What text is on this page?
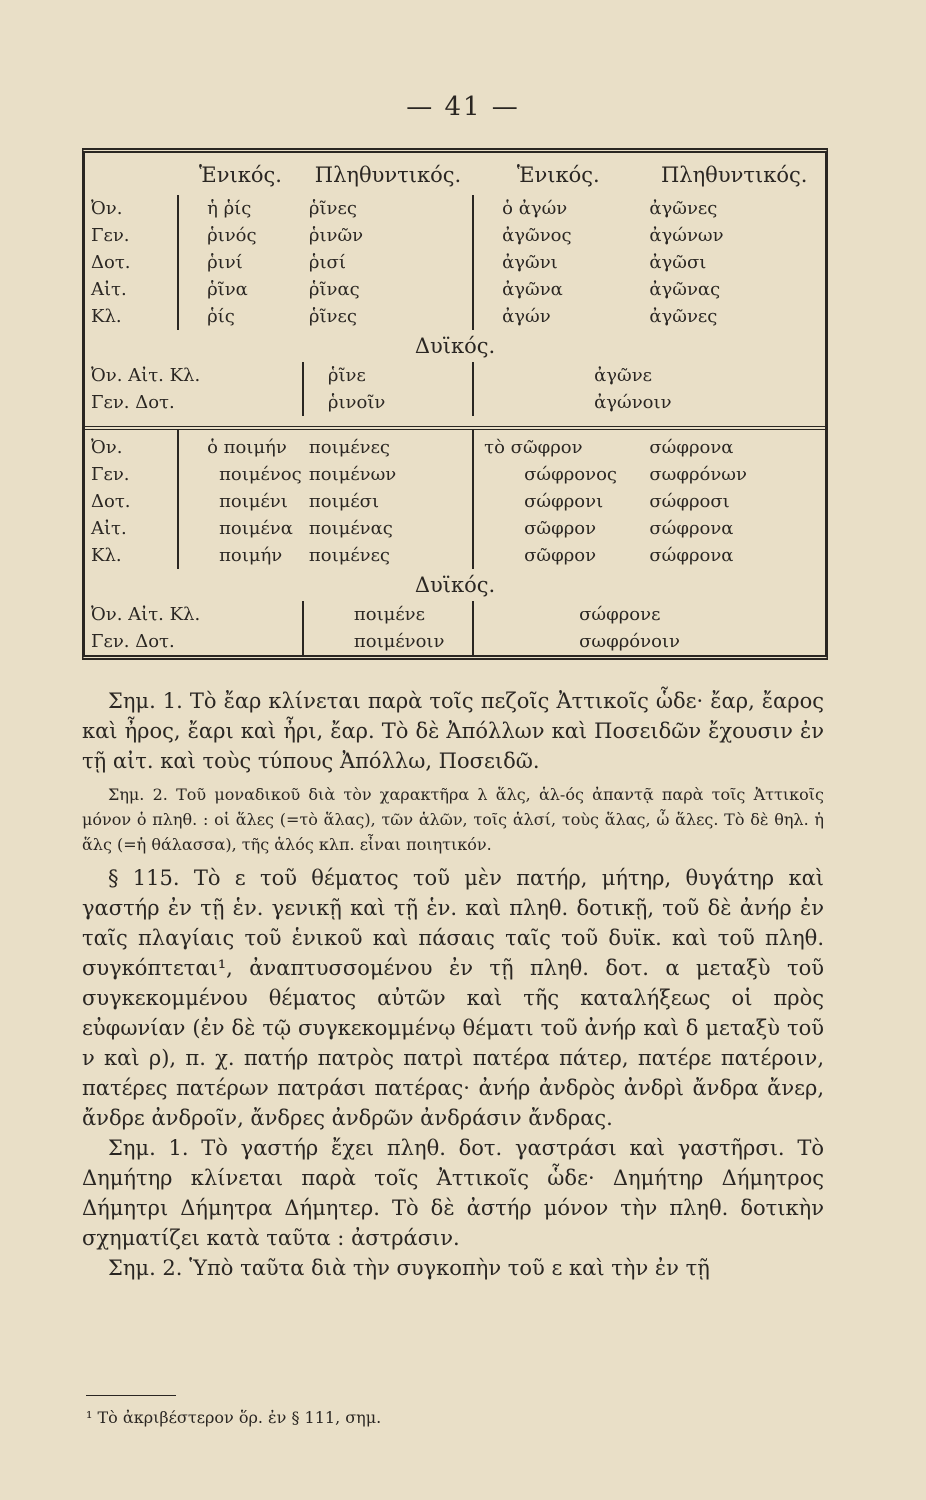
— 41 —
	Ἑνικός.	Πληθυντικός.	Ἑνικός.	Πληθυντικός.
Ὀν.	ἡ ῥίς	ῥῖνες	ὁ ἀγών	ἀγῶνες
Γεν.	ῥινός	ῥινῶν	ἀγῶνος	ἀγώνων
Δοτ.	ῥινί	ῥισί	ἀγῶνι	ἀγῶσι
Αἰτ.	ῥῖνα	ῥῖνας	ἀγῶνα	ἀγῶνας
Κλ.	ῥίς	ῥῖνες	ἀγών	ἀγῶνες
Δυϊκός.				
Ὀν. Αἰτ. Κλ.		ῥῖνε	ἀγῶνε	
Γεν. Δοτ.		ῥινοῖν	ἀγώνοιν	
Ὀν.	ὁ ποιμήν	ποιμένες	τὸ σῶφρον	σώφρονα
Γεν.	ποιμένος	ποιμένων	σώφρονος	σωφρόνων
Δοτ.	ποιμένι	ποιμέσι	σώφρονι	σώφροσι
Αἰτ.	ποιμένα	ποιμένας	σῶφρον	σώφρονα
Κλ.	ποιμήν	ποιμένες	σῶφρον	σώφρονα
Δυϊκός.				
Ὀν. Αἰτ. Κλ.		ποιμένε	σώφρονε	
Γεν. Δοτ.		ποιμένοιν	σωφρόνοιν	

Σημ. 1. Τὸ ἔαρ κλίνεται παρὰ τοῖς πεζοῖς Ἀττικοῖς ὧδε· ἔαρ, ἔαρος καὶ ἦρος, ἔαρι καὶ ἦρι, ἔαρ. Τὸ δὲ Ἀπόλλων καὶ Ποσειδῶν ἔχουσιν ἐν τῇ αἰτ. καὶ τοὺς τύπους Ἀπόλλω, Ποσειδῶ.

Σημ. 2. Τοῦ μοναδικοῦ διὰ τὸν χαρακτῆρα λ ἅλς, ἁλ-ός ἀπαντᾷ παρὰ τοῖς Ἀττικοῖς μόνον ὁ πληθ. : οἱ ἅλες (=τὸ ἅλας), τῶν ἁλῶν, τοῖς ἁλσί, τοὺς ἅλας, ὦ ἅλες. Τὸ δὲ θηλ. ἡ ἅλς (=ἡ θάλασσα), τῆς ἁλός κλπ. εἶναι ποιητικόν.

§ 115. Τὸ ε τοῦ θέματος τοῦ μὲν πατήρ, μήτηρ, θυγάτηρ καὶ γαστήρ ἐν τῇ ἑν. γενικῇ καὶ τῇ ἑν. καὶ πληθ. δοτικῇ, τοῦ δὲ ἀνήρ ἐν ταῖς πλαγίαις τοῦ ἑνικοῦ καὶ πάσαις ταῖς τοῦ δυϊκ. καὶ τοῦ πληθ. συγκόπτεται¹, ἀναπτυσσομένου ἐν τῇ πληθ. δοτ. α μεταξὺ τοῦ συγκεκομμένου θέματος αὐτῶν καὶ τῆς καταλήξεως οἱ πρὸς εὐφωνίαν (ἐν δὲ τῷ συγκεκομμένῳ θέματι τοῦ ἀνήρ καὶ δ μεταξὺ τοῦ ν καὶ ρ), π. χ. πατήρ πατρὸς πατρὶ πατέρα πάτερ, πατέρε πατέροιν, πατέρες πατέρων πατράσι πατέρας· ἀνήρ ἀνδρὸς ἀνδρὶ ἄνδρα ἄνερ, ἄνδρε ἀνδροῖν, ἄνδρες ἀνδρῶν ἀνδράσιν ἄνδρας.

Σημ. 1. Τὸ γαστήρ ἔχει πληθ. δοτ. γαστράσι καὶ γαστῆρσι. Τὸ Δημήτηρ κλίνεται παρὰ τοῖς Ἀττικοῖς ὧδε· Δημήτηρ Δήμητρος Δήμητρι Δήμητρα Δήμητερ. Τὸ δὲ ἀστήρ μόνον τὴν πληθ. δοτικὴν σχηματίζει κατὰ ταῦτα : ἀστράσιν.

Σημ. 2. Ὑπὸ ταῦτα διὰ τὴν συγκοπὴν τοῦ ε καὶ τὴν ἐν τῇ

¹ Τὸ ἀκριβέστερον ὅρ. ἐν § 111, σημ.
